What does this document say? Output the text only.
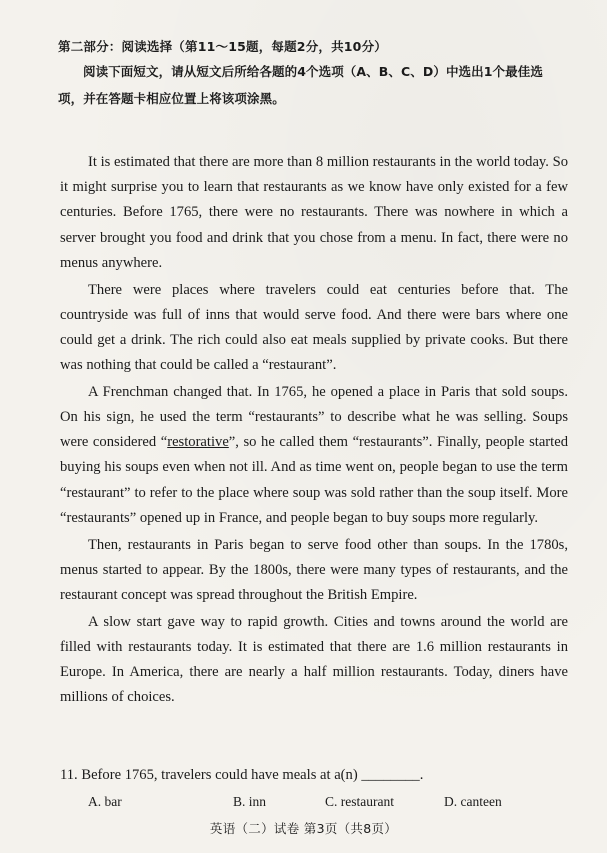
第二部分：阅读选择（第11～15题，每题2分，共10分）
阅读下面短文，请从短文后所给各题的4个选项（A、B、C、D）中选出1个最佳选项，并在答题卡相应位置上将该项涂黑。

It is estimated that there are more than 8 million restaurants in the world today. So it might surprise you to learn that restaurants as we know have only existed for a few centuries. Before 1765, there were no restaurants. There was nowhere in which a server brought you food and drink that you chose from a menu. In fact, there were no menus anywhere.

There were places where travelers could eat centuries before that. The countryside was full of inns that would serve food. And there were bars where one could get a drink. The rich could also eat meals supplied by private cooks. But there was nothing that could be called a “restaurant”.

A Frenchman changed that. In 1765, he opened a place in Paris that sold soups. On his sign, he used the term “restaurants” to describe what he was selling. Soups were considered “restorative”, so he called them “restaurants”. Finally, people started buying his soups even when not ill. And as time went on, people began to use the term “restaurant” to refer to the place where soup was sold rather than the soup itself. More “restaurants” opened up in France, and people began to buy soups more regularly.

Then, restaurants in Paris began to serve food other than soups. In the 1780s, menus started to appear. By the 1800s, there were many types of restaurants, and the restaurant concept was spread throughout the British Empire.

A slow start gave way to rapid growth. Cities and towns around the world are filled with restaurants today. It is estimated that there are 1.6 million restaurants in Europe. In America, there are nearly a half million restaurants. Today, diners have millions of choices.

11. Before 1765, travelers could have meals at a(n) ________.
A. bar	B. inn	C. restaurant	D. canteen
英语（二）试卷 第3页（共8页）
